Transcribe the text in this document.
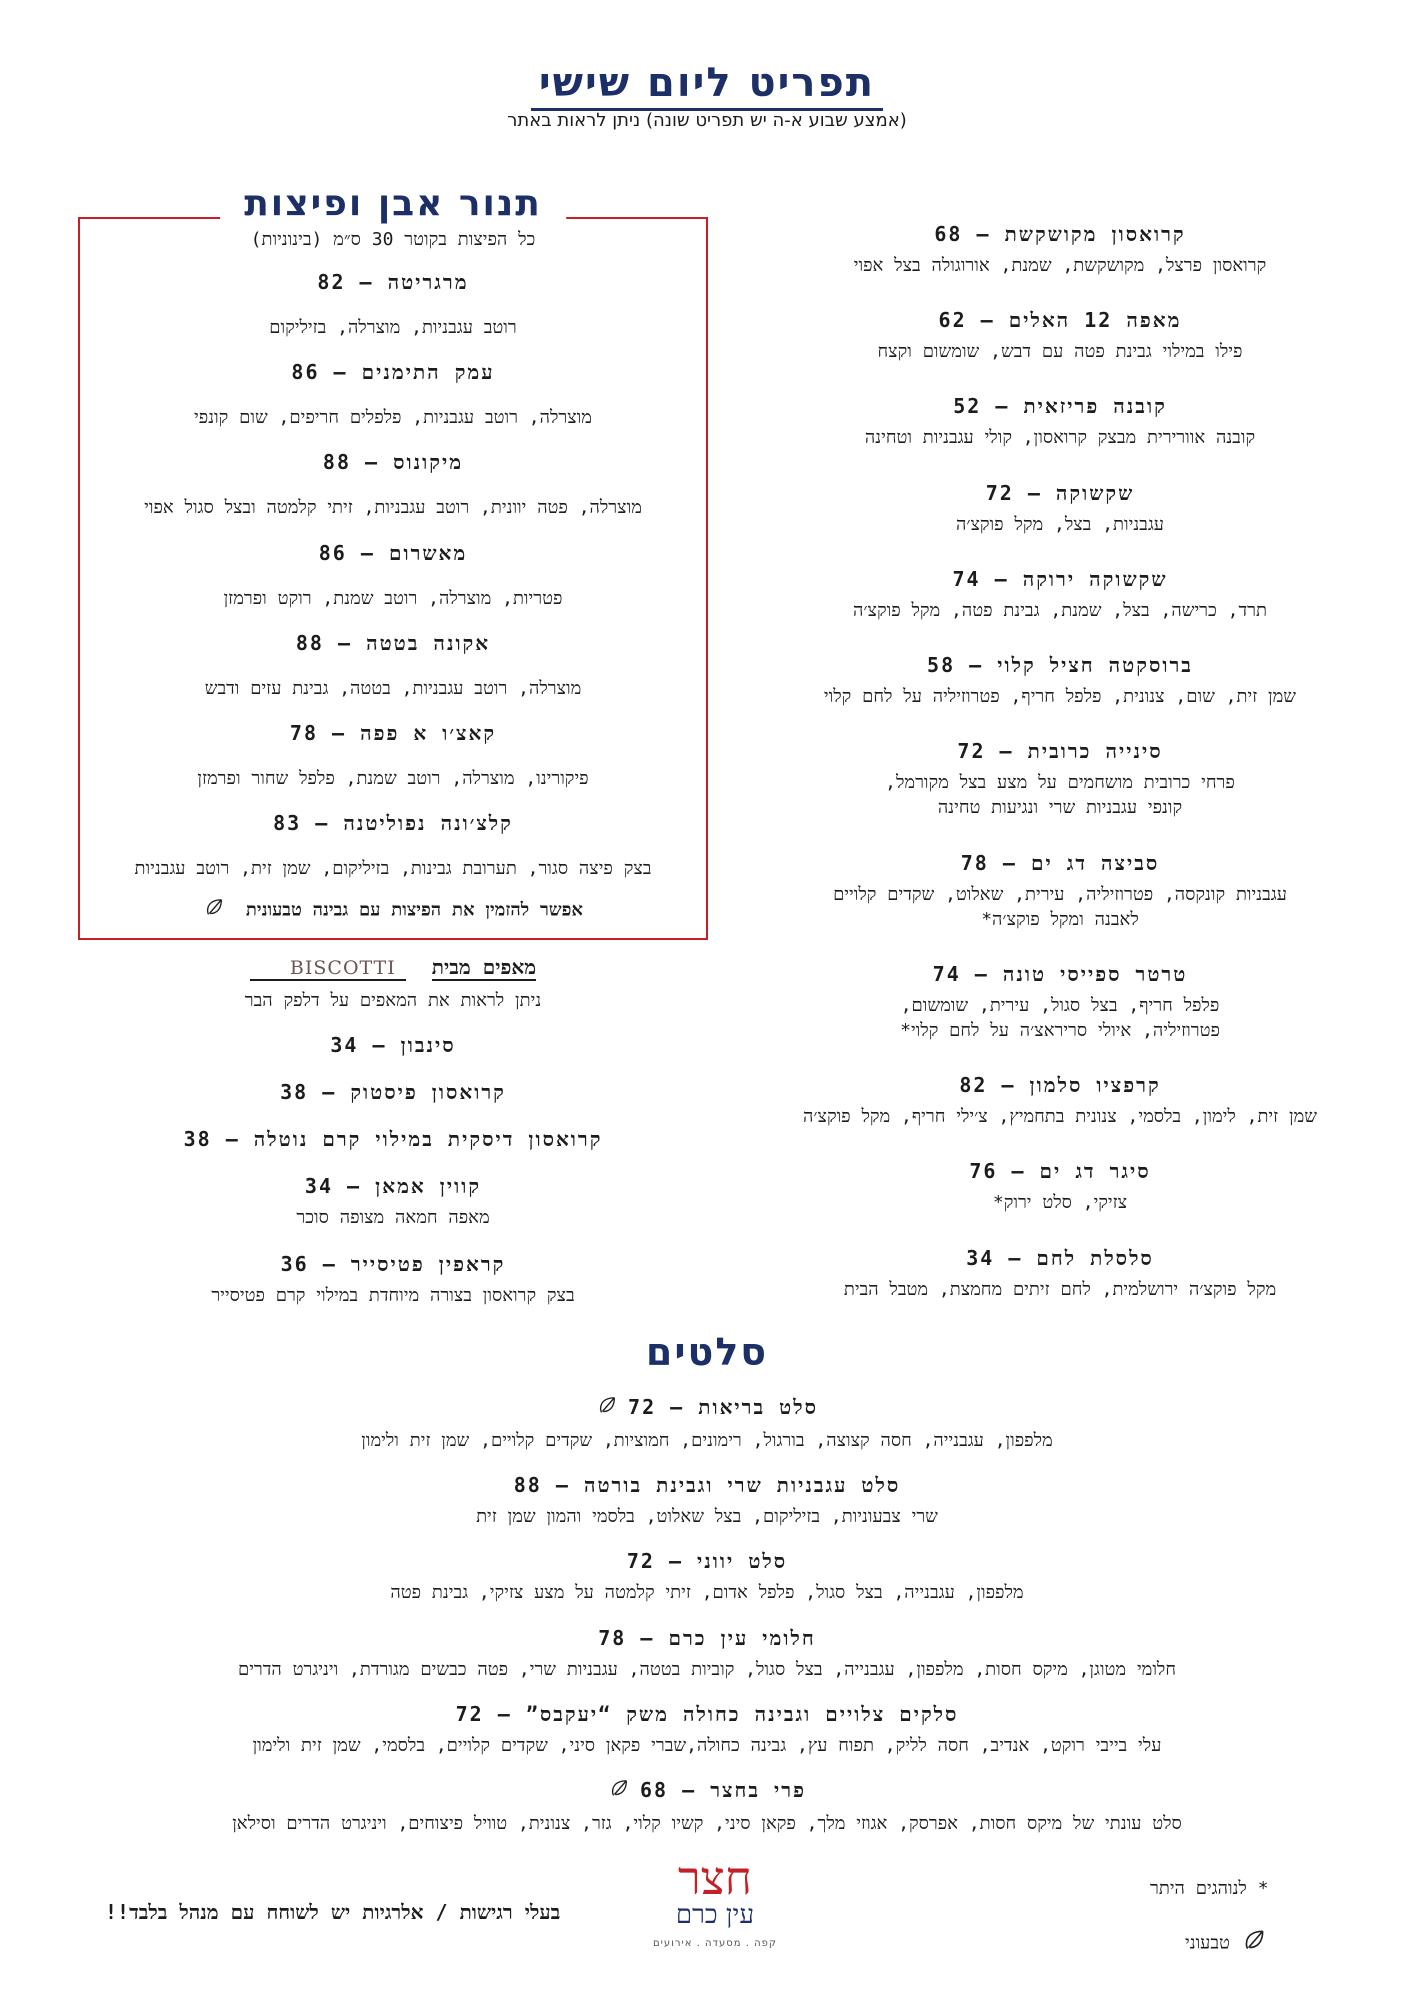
תפריט ליום שישי
(אמצע שבוע א-ה יש תפריט שונה) ניתן לראות באתר
קרואסון מקושקשת – 68
קרואסון פרצל, מקושקשת, שמנת, אורוגולה בצל אפוי
מאפה 12 האלים – 62
פילו במילוי גבינת פטה עם דבש, שומשום וקצח
קובנה פריזאית – 52
קובנה אוורירית מבצק קרואסון, קולי עגבניות וטחינה
שקשוקה – 72
עגבניות, בצל, מקל פוקצ׳ה
שקשוקה ירוקה – 74
תרד, כרישה, בצל, שמנת, גבינת פטה, מקל פוקצ׳ה
ברוסקטה חציל קלוי – 58
שמן זית, שום, צנונית, פלפל חריף, פטרוזיליה על לחם קלוי
סינייה כרובית – 72
פרחי כרובית מושחמים על מצע בצל מקורמל,
קונפי עגבניות שרי ונגיעות טחינה
סביצה דג ים – 78
עגבניות קונקסה, פטרוזיליה, עירית, שאלוט, שקדים קלויים
לאבנה ומקל פוקצ׳ה*
טרטר ספייסי טונה – 74
פלפל חריף, בצל סגול, עירית, שומשום,
פטרוזיליה, איולי סריראצ׳ה על לחם קלוי*
קרפציו סלמון – 82
שמן זית, לימון, בלסמי, צנונית בתחמיץ, צ׳ילי חריף, מקל פוקצ׳ה
סיגר דג ים – 76
צזיקי, סלט ירוק*
סלסלת לחם – 34
מקל פוקצ׳ה ירושלמית, לחם זיתים מחמצת, מטבל הבית
תנור אבן ופיצות
כל הפיצות בקוטר 30 ס״מ (בינוניות)
מרגריטה – 82
רוטב עגבניות, מוצרלה, בזיליקום
עמק התימנים – 86
מוצרלה, רוטב עגבניות, פלפלים חריפים, שום קונפי
מיקונוס – 88
מוצרלה, פטה יוונית, רוטב עגבניות, זיתי קלמטה ובצל סגול אפוי
מאשרום – 86
פטריות, מוצרלה, רוטב שמנת, רוקט ופרמזן
אקונה בטטה – 88
מוצרלה, רוטב עגבניות, בטטה, גבינת עזים ודבש
קאצ׳ו א פפה – 78
פיקורינו, מוצרלה, רוטב שמנת, פלפל שחור ופרמזן
קלצ׳ונה נפוליטנה – 83
בצק פיצה סגור, תערובת גבינות, בזיליקום, שמן זית, רוטב עגבניות
אפשר להזמין את הפיצות עם גבינה טבעונית
מאפים מבית BISCOTTI
ניתן לראות את המאפים על דלפק הבר
סינבון – 34
קרואסון פיסטוק – 38
קרואסון דיסקית במילוי קרם נוטלה – 38
קווין אמאן – 34
מאפה חמאה מצופה סוכר
קראפין פטיסייר – 36
בצק קרואסון בצורה מיוחדת במילוי קרם פטיסייר
סלטים
סלט בריאות – 72
מלפפון, עגבנייה, חסה קצוצה, בורגול, רימונים, חמוציות, שקדים קלויים, שמן זית ולימון
סלט עגבניות שרי וגבינת בורטה – 88
שרי צבעוניות, בזיליקום, בצל שאלוט, בלסמי והמון שמן זית
סלט יווני – 72
מלפפון, עגבנייה, בצל סגול, פלפל אדום, זיתי קלמטה על מצע צזיקי, גבינת פטה
חלומי עין כרם – 78
חלומי מטוגן, מיקס חסות, מלפפון, עגבנייה, בצל סגול, קוביות בטטה, עגבניות שרי, פטה כבשים מגורדת, ויניגרט הדרים
סלקים צלויים וגבינה כחולה משק “יעקבס” – 72
עלי בייבי רוקט, אנדיב, חסה לליק, תפוח עץ, גבינה כחולה,שברי פקאן סיני, שקדים קלויים, בלסמי, שמן זית ולימון
פרי בחצר – 68
סלט עונתי של מיקס חסות, אפרסק, אגוזי מלך, פקאן סיני, קשיו קלוי, גזר, צנונית, טוויל פיצוחים, ויניגרט הדרים וסילאן
בעלי רגישות / אלרגיות יש לשוחח עם מנהל בלבד!!
חצר
עין כרם
קפה . מסעדה . אירועים
* לנוהגים היתר
טבעוני
